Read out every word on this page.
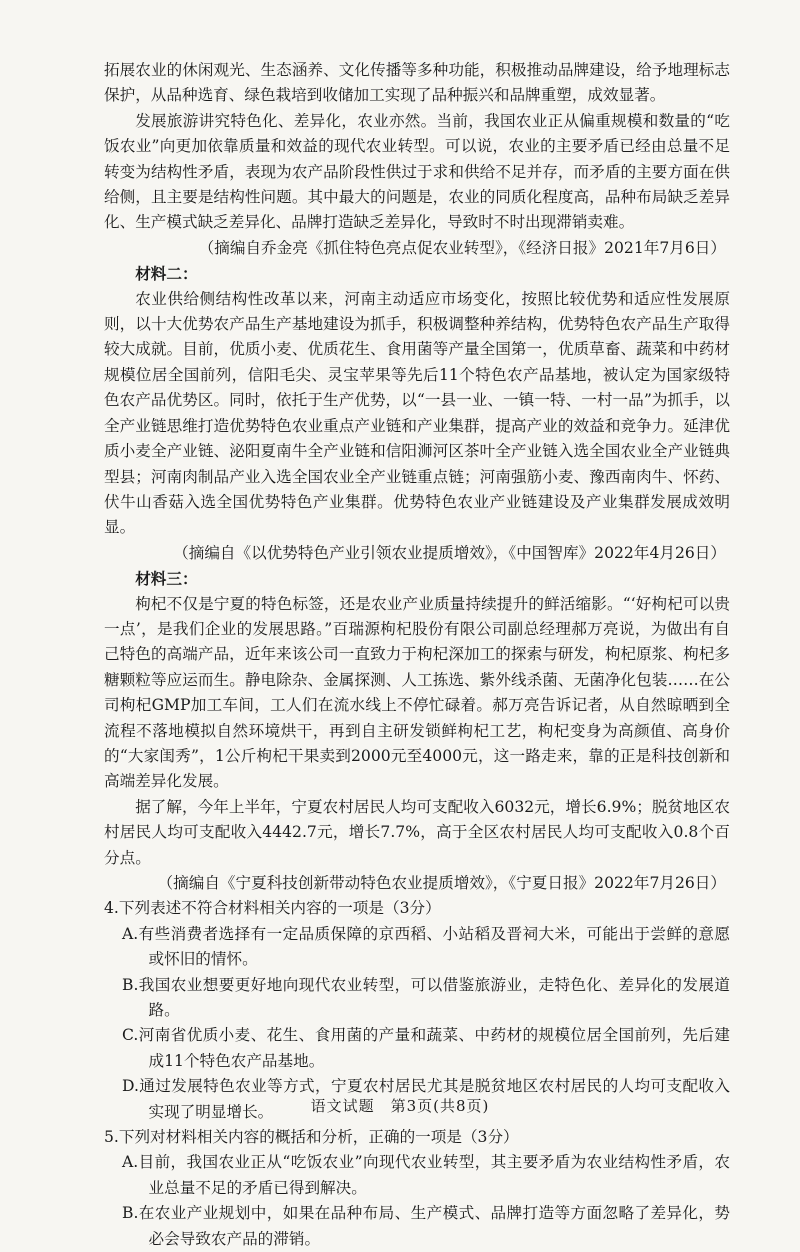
拓展农业的休闲观光、生态涵养、文化传播等多种功能，积极推动品牌建设，给予地理标志保护，从品种选育、绿色栽培到收储加工实现了品种振兴和品牌重塑，成效显著。

发展旅游讲究特色化、差异化，农业亦然。当前，我国农业正从偏重规模和数量的“吃饭农业”向更加依靠质量和效益的现代农业转型。可以说，农业的主要矛盾已经由总量不足转变为结构性矛盾，表现为农产品阶段性供过于求和供给不足并存，而矛盾的主要方面在供给侧，且主要是结构性问题。其中最大的问题是，农业的同质化程度高，品种布局缺乏差异化、生产模式缺乏差异化、品牌打造缺乏差异化，导致时不时出现滞销卖难。

（摘编自乔金亮《抓住特色亮点促农业转型》，《经济日报》2021年7月6日）

材料二：

农业供给侧结构性改革以来，河南主动适应市场变化，按照比较优势和适应性发展原则，以十大优势农产品生产基地建设为抓手，积极调整种养结构，优势特色农产品生产取得较大成就。目前，优质小麦、优质花生、食用菌等产量全国第一，优质草畜、蔬菜和中药材规模位居全国前列，信阳毛尖、灵宝苹果等先后11个特色农产品基地，被认定为国家级特色农产品优势区。同时，依托于生产优势，以“一县一业、一镇一特、一村一品”为抓手，以全产业链思维打造优势特色农业重点产业链和产业集群，提高产业的效益和竞争力。延津优质小麦全产业链、泌阳夏南牛全产业链和信阳浉河区茶叶全产业链入选全国农业全产业链典型县；河南肉制品产业入选全国农业全产业链重点链；河南强筋小麦、豫西南肉牛、怀药、伏牛山香菇入选全国优势特色产业集群。优势特色农业产业链建设及产业集群发展成效明显。

（摘编自《以优势特色产业引领农业提质增效》，《中国智库》2022年4月26日）

材料三：

枸杞不仅是宁夏的特色标签，还是农业产业质量持续提升的鲜活缩影。“‘好枸杞可以贵一点’，是我们企业的发展思路。”百瑞源枸杞股份有限公司副总经理郝万亮说，为做出有自己特色的高端产品，近年来该公司一直致力于枸杞深加工的探索与研发，枸杞原浆、枸杞多糖颗粒等应运而生。静电除杂、金属探测、人工拣选、紫外线杀菌、无菌净化包装……在公司枸杞GMP加工车间，工人们在流水线上不停忙碌着。郝万亮告诉记者，从自然晾晒到全流程不落地模拟自然环境烘干，再到自主研发锁鲜枸杞工艺，枸杞变身为高颜值、高身价的“大家闺秀”，1公斤枸杞干果卖到2000元至4000元，这一路走来，靠的正是科技创新和高端差异化发展。

据了解，今年上半年，宁夏农村居民人均可支配收入6032元，增长6.9%；脱贫地区农村居民人均可支配收入4442.7元，增长7.7%，高于全区农村居民人均可支配收入0.8个百分点。

（摘编自《宁夏科技创新带动特色农业提质增效》，《宁夏日报》2022年7月26日）

4.下列表述不符合材料相关内容的一项是（3分）

A.有些消费者选择有一定品质保障的京西稻、小站稻及晋祠大米，可能出于尝鲜的意愿或怀旧的情怀。

B.我国农业想要更好地向现代农业转型，可以借鉴旅游业，走特色化、差异化的发展道路。

C.河南省优质小麦、花生、食用菌的产量和蔬菜、中药材的规模位居全国前列，先后建成11个特色农产品基地。

D.通过发展特色农业等方式，宁夏农村居民尤其是脱贫地区农村居民的人均可支配收入实现了明显增长。

5.下列对材料相关内容的概括和分析，正确的一项是（3分）

A.目前，我国农业正从“吃饭农业”向现代农业转型，其主要矛盾为农业结构性矛盾，农业总量不足的矛盾已得到解决。

B.在农业产业规划中，如果在品种布局、生产模式、品牌打造等方面忽略了差异化，势必会导致农产品的滞销。

语文试题　第3页(共8页)
